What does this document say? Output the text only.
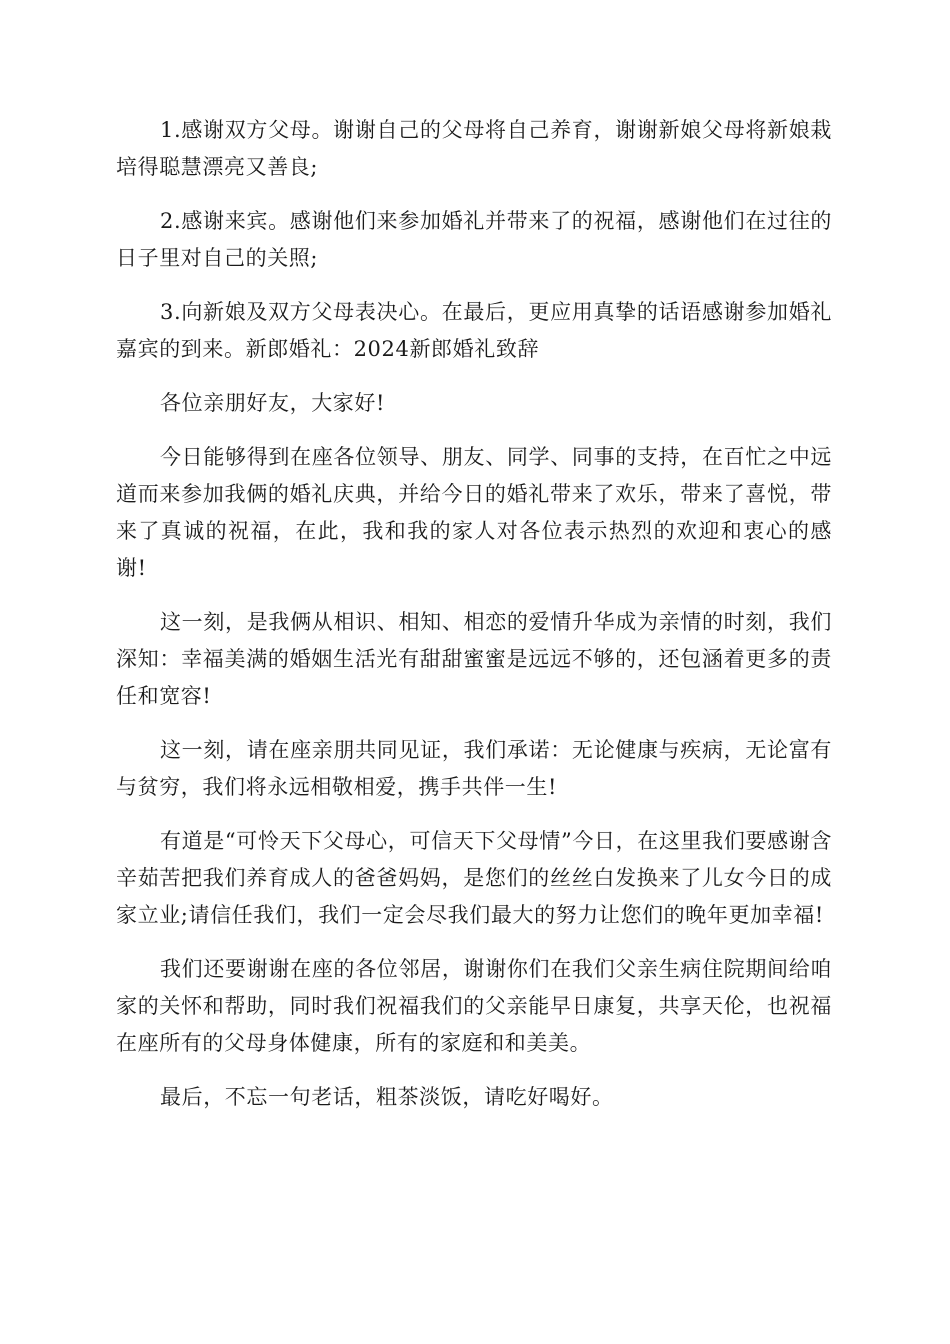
1.感谢双方父母。谢谢自己的父母将自己养育，谢谢新娘父母将新娘栽培得聪慧漂亮又善良;

2.感谢来宾。感谢他们来参加婚礼并带来了的祝福，感谢他们在过往的日子里对自己的关照;

3.向新娘及双方父母表决心。在最后，更应用真挚的话语感谢参加婚礼嘉宾的到来。新郎婚礼：2024新郎婚礼致辞

各位亲朋好友，大家好!

今日能够得到在座各位领导、朋友、同学、同事的支持，在百忙之中远道而来参加我俩的婚礼庆典，并给今日的婚礼带来了欢乐，带来了喜悦，带来了真诚的祝福，在此，我和我的家人对各位表示热烈的欢迎和衷心的感谢!

这一刻，是我俩从相识、相知、相恋的爱情升华成为亲情的时刻，我们深知：幸福美满的婚姻生活光有甜甜蜜蜜是远远不够的，还包涵着更多的责任和宽容!

这一刻，请在座亲朋共同见证，我们承诺：无论健康与疾病，无论富有与贫穷，我们将永远相敬相爱，携手共伴一生!

有道是“可怜天下父母心，可信天下父母情”今日，在这里我们要感谢含辛茹苦把我们养育成人的爸爸妈妈，是您们的丝丝白发换来了儿女今日的成家立业;请信任我们，我们一定会尽我们最大的努力让您们的晚年更加幸福!

我们还要谢谢在座的各位邻居，谢谢你们在我们父亲生病住院期间给咱家的关怀和帮助，同时我们祝福我们的父亲能早日康复，共享天伦，也祝福在座所有的父母身体健康，所有的家庭和和美美。

最后，不忘一句老话，粗茶淡饭，请吃好喝好。
